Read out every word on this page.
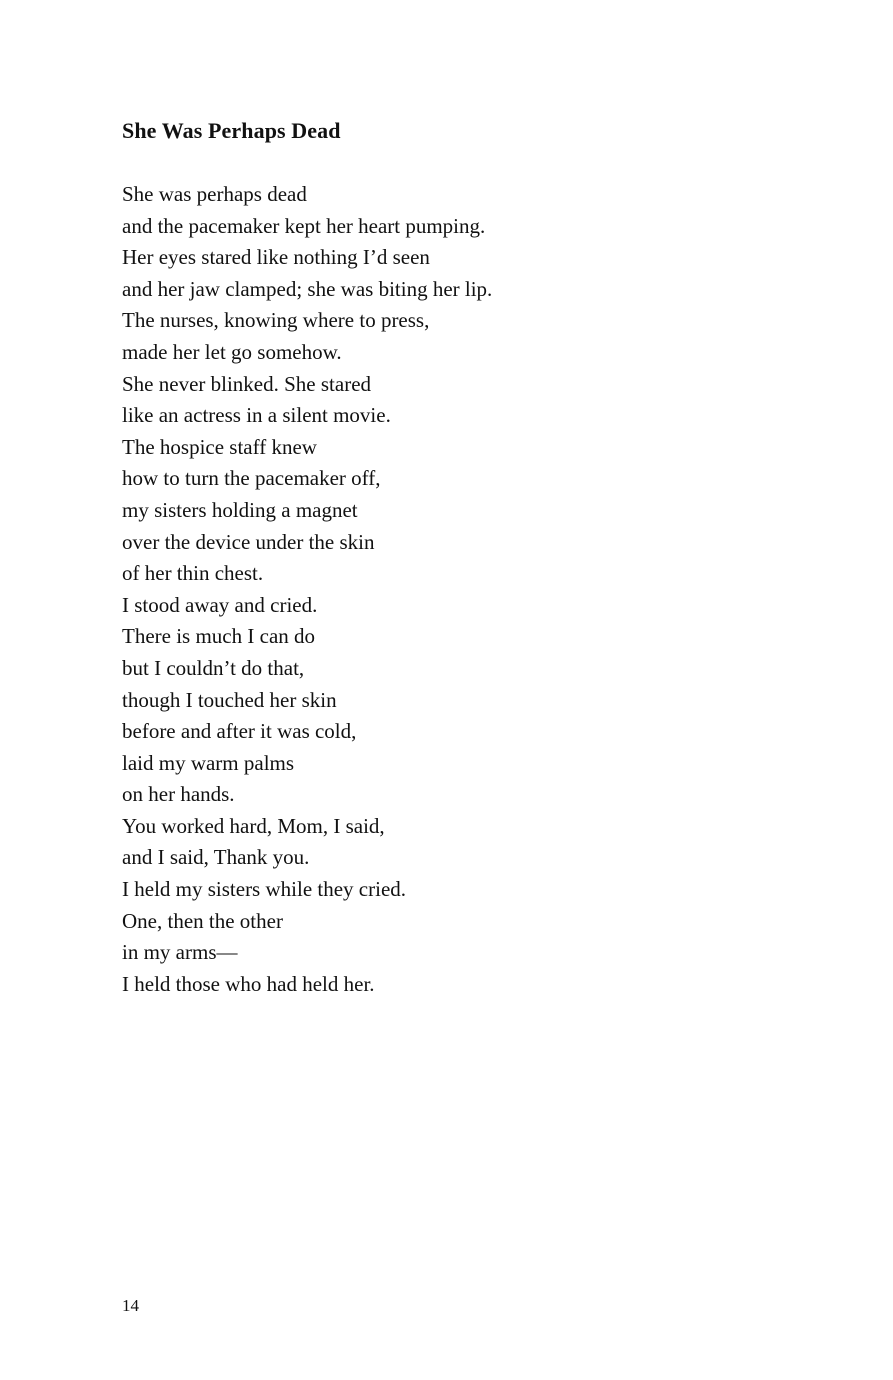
She Was Perhaps Dead
She was perhaps dead
and the pacemaker kept her heart pumping.
Her eyes stared like nothing I’d seen
and her jaw clamped; she was biting her lip.
The nurses, knowing where to press,
made her let go somehow.
She never blinked. She stared
like an actress in a silent movie.
The hospice staff knew
how to turn the pacemaker off,
my sisters holding a magnet
over the device under the skin
of her thin chest.
I stood away and cried.
There is much I can do
but I couldn’t do that,
though I touched her skin
before and after it was cold,
laid my warm palms
on her hands.
You worked hard, Mom, I said,
and I said, Thank you.
I held my sisters while they cried.
One, then the other
in my arms—
I held those who had held her.
14
